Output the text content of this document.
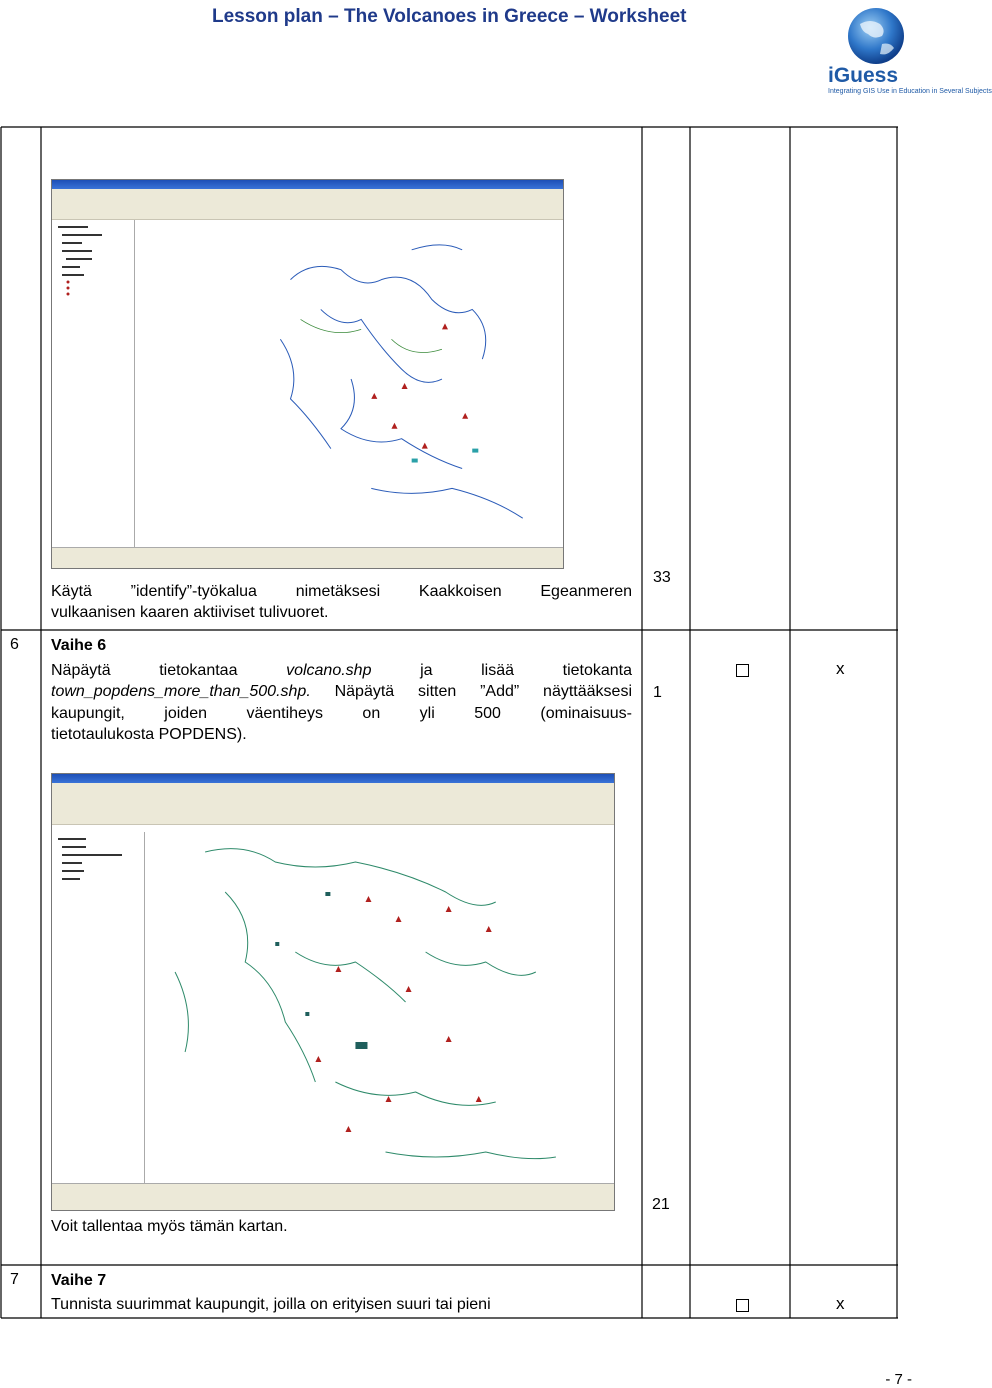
Lesson plan – The Volcanoes in Greece – Worksheet
iGuess
Integrating GIS Use in Education in Several Subjects
Käytä ”identify”-työkalua nimetäksesi Kaakkoisen Egeanmeren
vulkaanisen kaaren aktiiviset tulivuoret.
33
6 Vaihe 6
Näpäytä tietokantaa volcano.shp ja lisää tietokanta
town_popdens_more_than_500.shp. Näpäytä sitten ”Add” näyttääksesi
kaupungit, joiden väentiheys on yli 500 (ominaisuus-
tietotaulukosta POPDENS).
1
x
Voit tallentaa myös tämän kartan.
21
7 Vaihe 7
Tunnista suurimmat kaupungit, joilla on erityisen suuri tai pieni	x
- 7 -
